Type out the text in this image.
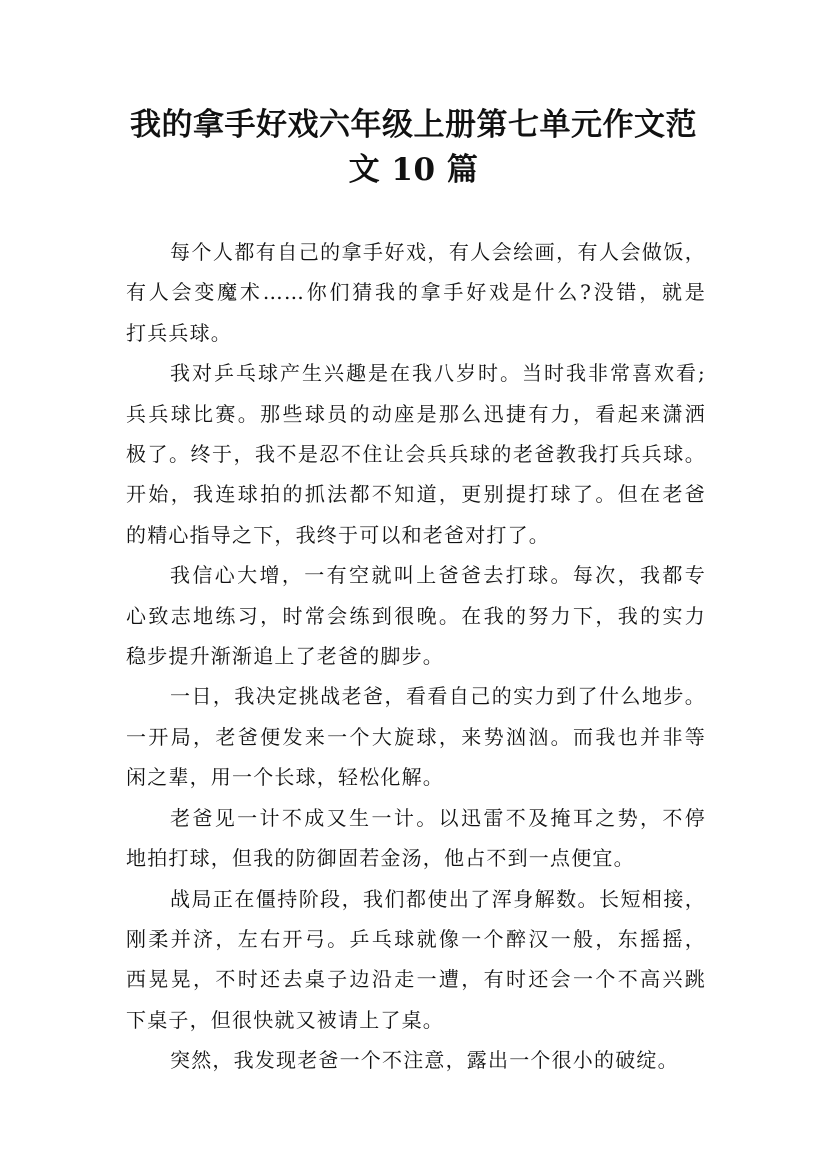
我的拿手好戏六年级上册第七单元作文范
文 10 篇

每个人都有自己的拿手好戏，有人会绘画，有人会做饭，
有人会变魔术……你们猜我的拿手好戏是什么?没错，就是
打兵兵球。

我对乒乓球产生兴趣是在我八岁时。当时我非常喜欢看;
兵兵球比赛。那些球员的动座是那么迅捷有力，看起来潇洒
极了。终于，我不是忍不住让会兵兵球的老爸教我打兵兵球。
开始，我连球拍的抓法都不知道，更别提打球了。但在老爸
的精心指导之下，我终于可以和老爸对打了。

我信心大增，一有空就叫上爸爸去打球。每次，我都专
心致志地练习，时常会练到很晚。在我的努力下，我的实力
稳步提升渐渐追上了老爸的脚步。

一日，我决定挑战老爸，看看自己的实力到了什么地步。
一开局，老爸便发来一个大旋球，来势汹汹。而我也并非等
闲之辈，用一个长球，轻松化解。

老爸见一计不成又生一计。以迅雷不及掩耳之势，不停
地拍打球，但我的防御固若金汤，他占不到一点便宜。

战局正在僵持阶段，我们都使出了浑身解数。长短相接，
刚柔并济，左右开弓。乒乓球就像一个醉汉一般，东摇摇，
西晃晃，不时还去桌子边沿走一遭，有时还会一个不高兴跳
下桌子，但很快就又被请上了桌。

突然，我发现老爸一个不注意，露出一个很小的破绽。
